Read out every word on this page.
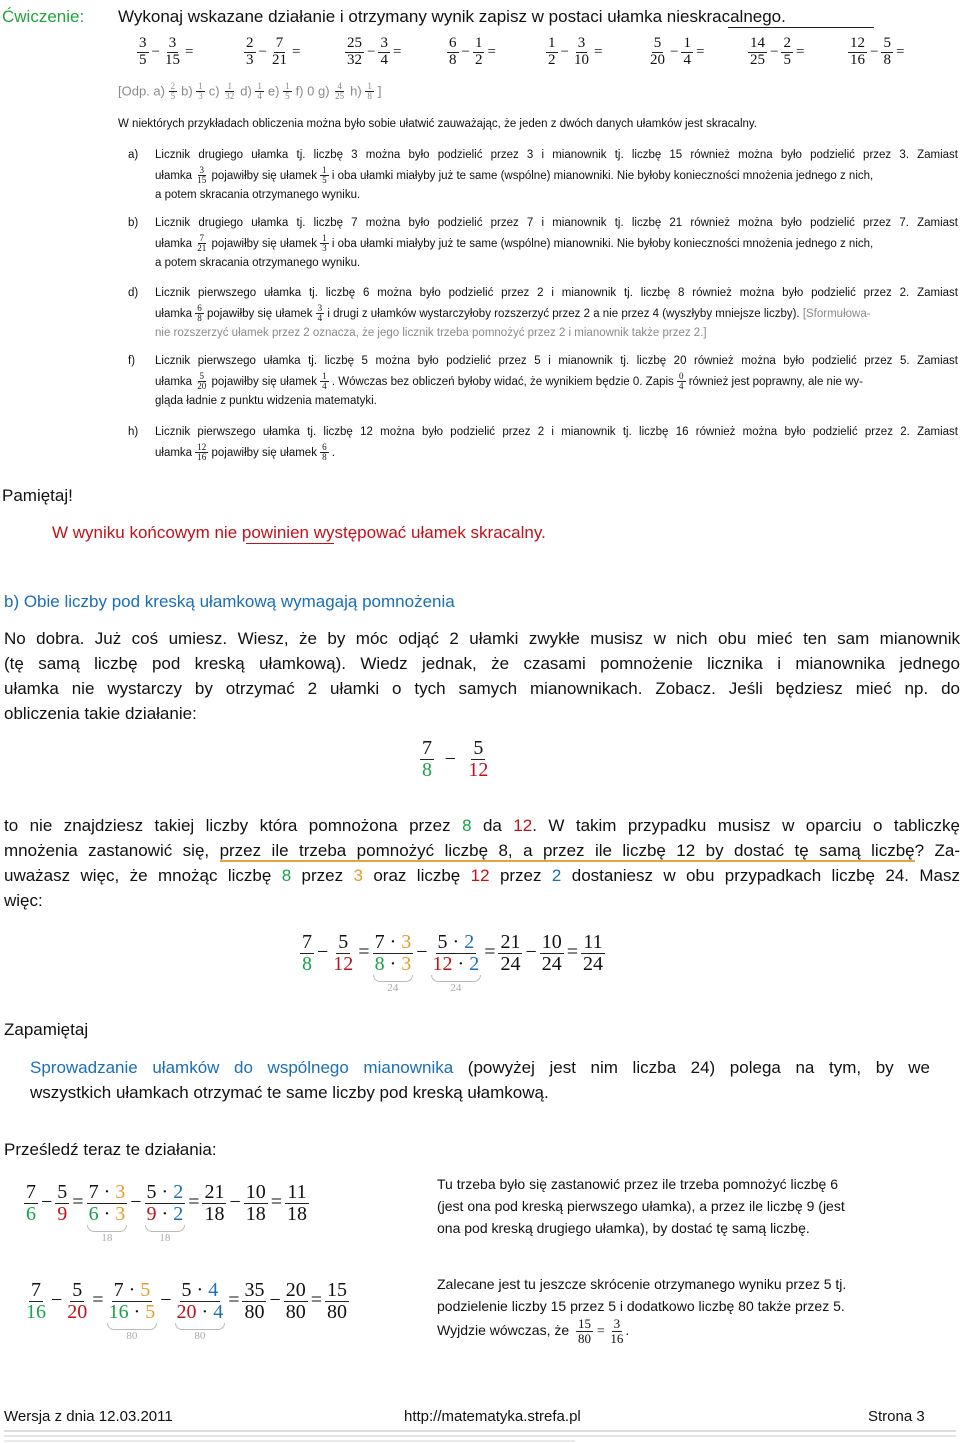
Ćwiczenie: Wykonaj wskazane działanie i otrzymany wynik zapisz w postaci ułamka nieskracalnego.
$\frac{3}{5} - \frac{3}{15}$ =	$\frac{2}{3} - \frac{7}{21}$ =	$\frac{25}{32} - \frac{3}{4}$ =	$\frac{6}{8} - \frac{1}{2}$ =	$\frac{1}{2} - \frac{3}{10}$ =	$\frac{5}{20} - \frac{1}{4}$ =	$\frac{14}{25} - \frac{2}{5}$ =	$\frac{12}{16} - \frac{5}{8}$ =
[Odp. $a) \frac{2}{5} b) \frac{1}{3} c) \frac{1}{32} d) \frac{1}{4} e) \frac{1}{5} f$) 0 $g) \frac{4}{25} h) \frac{1}{8}$ ]
W niektórych przykładach obliczenia można było sobie ułatwić zauważając, że jeden z dwóch danych ułamków jest skracalny.
a) Licznik drugiego ułamka tj. liczbę 3 można było podzielić przez 3 i mianownik tj. liczbę 15 również można było podzielić przez 3. Zamiast
ułamka $\frac{3}{15}$ pojawiłby się ułamek $\frac{1}{5}$ i oba ułamki miałyby już te same (wspólne) mianowniki. Nie byłoby konieczności mnożenia jednego z nich,
a potem skracania otrzymanego wyniku.
b) Licznik drugiego ułamka tj. liczbę 7 można było podzielić przez 7 i mianownik tj. liczbę 21 również można było podzielić przez 7. Zamiast
ułamka $\frac{7}{21}$ pojawiłby się ułamek $\frac{1}{3}$ i oba ułamki miałyby już te same (wspólne) mianowniki. Nie byłoby konieczności mnożenia jednego z nich,
a potem skracania otrzymanego wyniku.
d) Licznik pierwszego ułamka tj. liczbę 6 można było podzielić przez 2 i mianownik tj. liczbę 8 również można było podzielić przez 2. Zamiast
ułamka $\frac{6}{8}$ pojawiłby się ułamek $\frac{3}{4}$ i drugi z ułamków wystarczyłoby rozszerzyć przez 2 a nie przez 4 (wyszłyby mniejsze liczby). [Sformułowa-
nie rozszerzyć ułamek przez 2 oznacza, że jego licznik trzeba pomnożyć przez 2 i mianownik także przez 2.]
f) Licznik pierwszego ułamka tj. liczbę 5 można było podzielić przez 5 i mianownik tj. liczbę 20 również można było podzielić przez 5. Zamiast
ułamka $\frac{5}{20}$ pojawiłby się ułamek $\frac{1}{4}$ . Wówczas bez obliczeń byłoby widać, że wynikiem będzie 0. Zapis $\frac{0}{4}$ również jest poprawny, ale nie wy-
gląda ładnie z punktu widzenia matematyki.
h) Licznik pierwszego ułamka tj. liczbę 12 można było podzielić przez 2 i mianownik tj. liczbę 16 również można było podzielić przez 2. Zamiast
ułamka $\frac{12}{16}$ pojawiłby się ułamek $\frac{6}{8}$ .
Pamiętaj!
W wyniku końcowym nie powinien występować ułamek skracalny.
b) Obie liczby pod kreską ułamkową wymagają pomnożenia
No dobra. Już coś umiesz. Wiesz, że by móc odjąć 2 ułamki zwykłe musisz w nich obu mieć ten sam mianownik
(tę samą liczbę pod kreską ułamkową). Wiedz jednak, że czasami pomnożenie licznika i mianownika jednego
ułamka nie wystarczy by otrzymać 2 ułamki o tych samych mianownikach. Zobacz. Jeśli będziesz mieć np. do
obliczenia takie działanie:
$\frac{7}{8} - \frac{5}{12}$
to nie znajdziesz takiej liczby która pomnożona przez 8 da 12. W takim przypadku musisz w oparciu o tabliczkę
mnożenia zastanowić się, przez ile trzeba pomnożyć liczbę 8, a przez ile liczbę 12 by dostać tę samą liczbę? Za-
uważasz więc, że mnożąc liczbę 8 przez 3 oraz liczbę 12 przez 2 dostaniesz w obu przypadkach liczbę 24. Masz
więc:
$\frac{7}{8} - \frac{5}{12} = \frac{7 \cdot 3}{8 \cdot 3}$
24
− $\frac{5 \cdot 2}{12 \cdot 2}$
24
= $\frac{21}{24} - \frac{10}{24} = \frac{11}{24}$
Zapamiętaj
Sprowadzanie ułamków do wspólnego mianownika (powyżej jest nim liczba 24) polega na tym, by we
wszystkich ułamkach otrzymać te same liczby pod kreską ułamkową.
Prześledź teraz te działania:
$\frac{7}{6} - \frac{5}{9} = \frac{7 \cdot 3}{6 \cdot 3}$
18
− $\frac{5 \cdot 2}{9 \cdot 2}$
18
= $\frac{21}{18} - \frac{10}{18} = \frac{11}{18}$	Tu trzeba było się zastanowić przez ile trzeba pomnożyć liczbę 6
(jest ona pod kreską pierwszego ułamka), a przez ile liczbę 9 (jest
ona pod kreską drugiego ułamka), by dostać tę samą liczbę.
$\frac{7}{16} - \frac{5}{20} = \frac{7 \cdot 5}{16 \cdot 5}$
80
− $\frac{5 \cdot 4}{20 \cdot 4}$
80
= $\frac{35}{80} - \frac{20}{80} = \frac{15}{80}$	Zalecane jest tu jeszcze skrócenie otrzymanego wyniku przez 5 tj.
podzielenie liczby 15 przez 5 i dodatkowo liczbę 80 także przez 5.
Wyjdzie wówczas, że $\frac{15}{80} = \frac{3}{16}$ .
Wersja z dnia 12.03.2011	http://matematyka.strefa.pl	Strona 3
